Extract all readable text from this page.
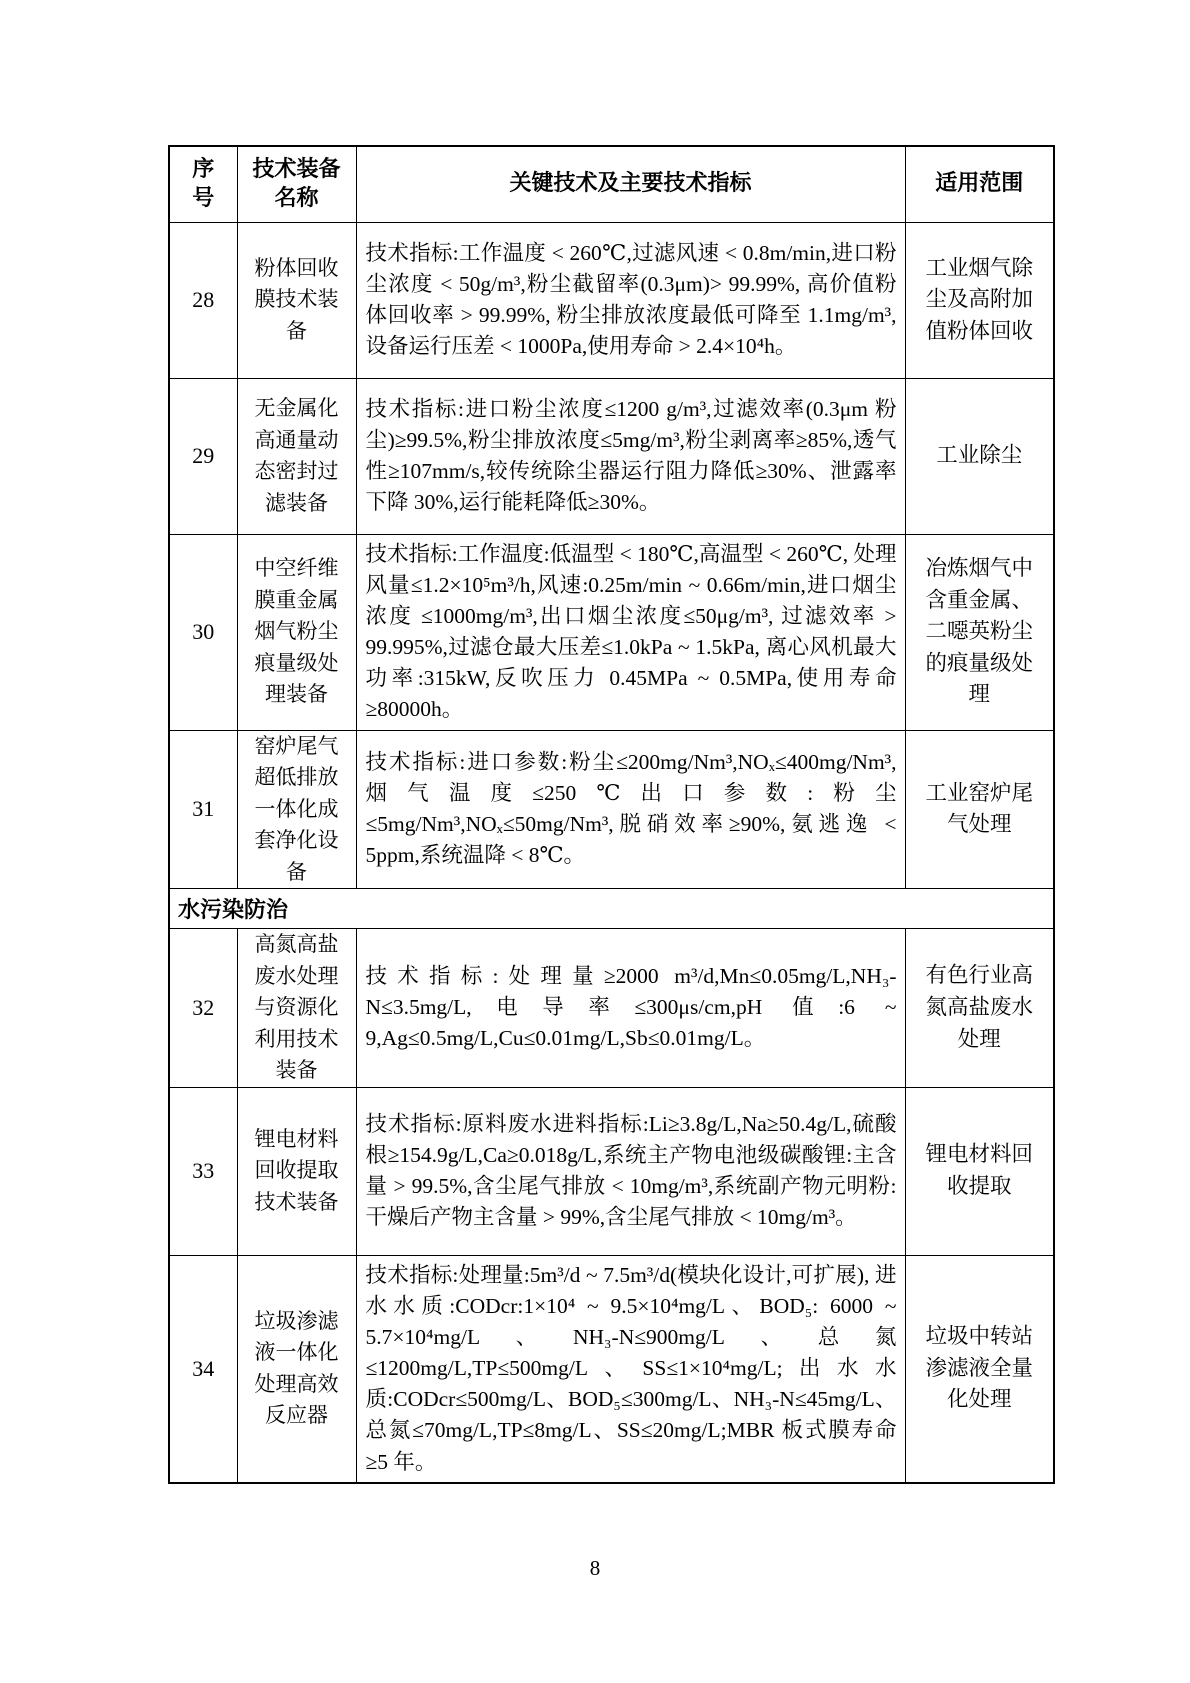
序号	技术装备名称	关键技术及主要技术指标	适用范围
28	粉体回收膜技术装备	技术指标:工作温度 < 260℃,过滤风速 < 0.8m/min,进口粉尘浓度 < 50g/m³,粉尘截留率(0.3μm)> 99.99%, 高价值粉体回收率 > 99.99%, 粉尘排放浓度最低可降至 1.1mg/m³, 设备运行压差 < 1000Pa,使用寿命 > 2.4×10⁴h。	工业烟气除尘及高附加值粉体回收
29	无金属化高通量动态密封过滤装备	技术指标:进口粉尘浓度≤1200 g/m³,过滤效率(0.3μm 粉尘)≥99.5%,粉尘排放浓度≤5mg/m³,粉尘剥离率≥85%,透气性≥107mm/s,较传统除尘器运行阻力降低≥30%、泄露率下降 30%,运行能耗降低≥30%。	工业除尘
30	中空纤维膜重金属烟气粉尘痕量级处理装备	技术指标:工作温度:低温型 < 180℃,高温型 < 260℃, 处理风量≤1.2×10⁵m³/h,风速:0.25m/min ~ 0.66m/min,进口烟尘浓度 ≤1000mg/m³,出口烟尘浓度≤50μg/m³, 过滤效率 > 99.995%,过滤仓最大压差≤1.0kPa ~ 1.5kPa, 离心风机最大功率:315kW,反吹压力 0.45MPa ~ 0.5MPa,使用寿命≥80000h。	冶炼烟气中含重金属、二噁英粉尘的痕量级处理
31	窑炉尾气超低排放一体化成套净化设备	技术指标:进口参数:粉尘≤200mg/Nm³,NOₓ≤400mg/Nm³, 烟气温度≤250℃出口参数:粉尘≤5mg/Nm³,NOₓ≤50mg/Nm³,脱硝效率≥90%,氨逃逸 < 5ppm,系统温降 < 8℃。	工业窑炉尾气处理
水污染防治			
32	高氮高盐废水处理与资源化利用技术装备	技术指标:处理量≥2000 m³/d,Mn≤0.05mg/L,NH₃-N≤3.5mg/L,电导率≤300μs/cm,pH 值:6 ~ 9,Ag≤0.5mg/L,Cu≤0.01mg/L,Sb≤0.01mg/L。	有色行业高氮高盐废水处理
33	锂电材料回收提取技术装备	技术指标:原料废水进料指标:Li≥3.8g/L,Na≥50.4g/L,硫酸根≥154.9g/L,Ca≥0.018g/L,系统主产物电池级碳酸锂:主含量 > 99.5%,含尘尾气排放 < 10mg/m³,系统副产物元明粉:干燥后产物主含量 > 99%,含尘尾气排放 < 10mg/m³。	锂电材料回收提取
34	垃圾渗滤液一体化处理高效反应器	技术指标:处理量:5m³/d ~ 7.5m³/d(模块化设计,可扩展), 进水水质:CODcr:1×10⁴ ~ 9.5×10⁴mg/L、BOD₅: 6000 ~ 5.7×10⁴mg/L、NH₃-N≤900mg/L、总氮≤1200mg/L,TP≤500mg/L、SS≤1×10⁴mg/L;出水水质:CODcr≤500mg/L、BOD₅≤300mg/L、NH₃-N≤45mg/L、总氮≤70mg/L,TP≤8mg/L、SS≤20mg/L;MBR 板式膜寿命≥5 年。	垃圾中转站渗滤液全量化处理
8
